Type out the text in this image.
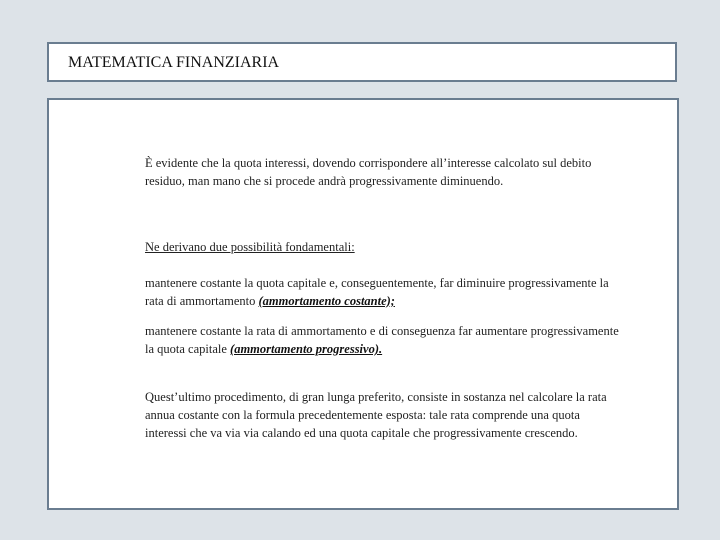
MATEMATICA FINANZIARIA

È evidente che la quota interessi, dovendo corrispondere all’interesse calcolato sul debito residuo, man mano che si procede andrà progressivamente diminuendo.

Ne derivano due possibilità fondamentali:

mantenere costante la quota capitale e, conseguentemente, far diminuire progressivamente la rata di ammortamento (ammortamento costante);

mantenere costante la rata di ammortamento e di conseguenza far aumentare progressivamente la quota capitale (ammortamento progressivo).

Quest’ultimo procedimento, di gran lunga preferito, consiste in sostanza nel calcolare la rata annua costante con la formula precedentemente esposta: tale rata comprende una quota interessi che va via via calando ed una quota capitale che progressivamente crescendo.
